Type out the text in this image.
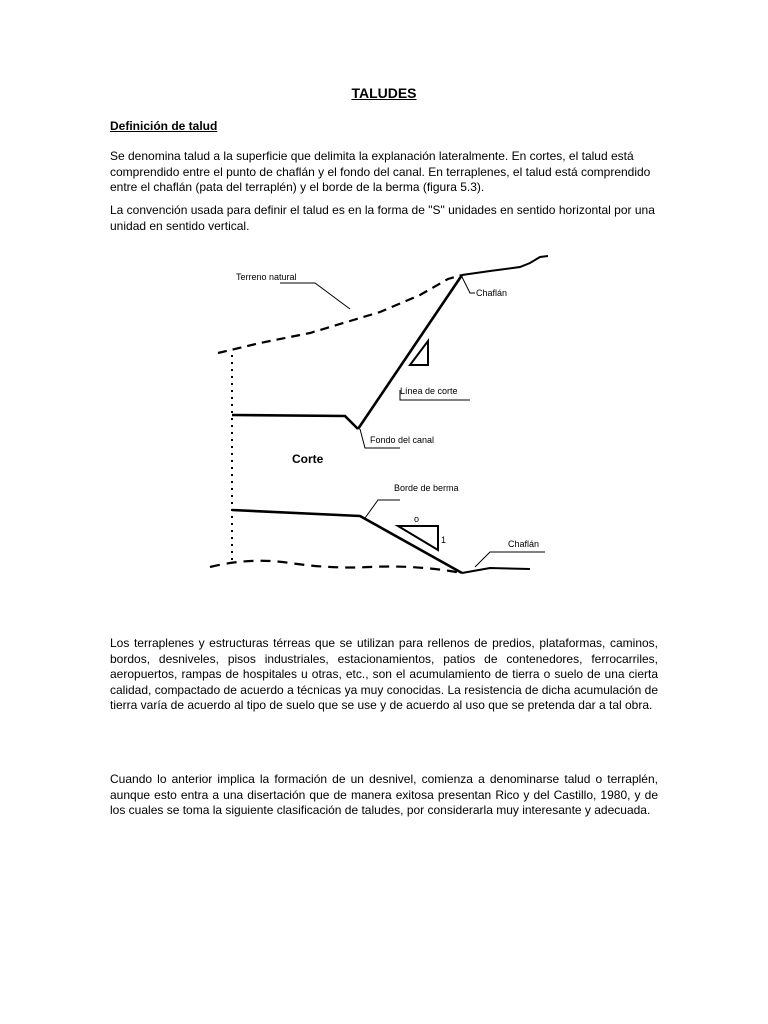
TALUDES
Definición de talud

Se denomina talud a la superficie que delimita la explanación lateralmente. En cortes, el talud está comprendido entre el punto de chaflán y el fondo del canal. En terraplenes, el talud está comprendido entre el chaflán (pata del terraplén) y el borde de la berma (figura 5.3).

La convención usada para definir el talud es en la forma de "S" unidades en sentido horizontal por una unidad en sentido vertical.

Terreno natural
Chaflán
Línea de corte
Fondo del canal
Corte
Borde de berma
o
1	Chaflán

Los terraplenes y estructuras térreas que se utilizan para rellenos de predios, plataformas, caminos, bordos, desniveles, pisos industriales, estacionamientos, patios de contenedores, ferrocarriles, aeropuertos, rampas de hospitales u otras, etc., son el acumulamiento de tierra o suelo de una cierta calidad, compactado de acuerdo a técnicas ya muy conocidas. La resistencia de dicha acumulación de tierra varía de acuerdo al tipo de suelo que se use y de acuerdo al uso que se pretenda dar a tal obra.

Cuando lo anterior implica la formación de un desnivel, comienza a denominarse talud o terraplén, aunque esto entra a una disertación que de manera exitosa presentan Rico y del Castillo, 1980, y de los cuales se toma la siguiente clasificación de taludes, por considerarla muy interesante y adecuada.
